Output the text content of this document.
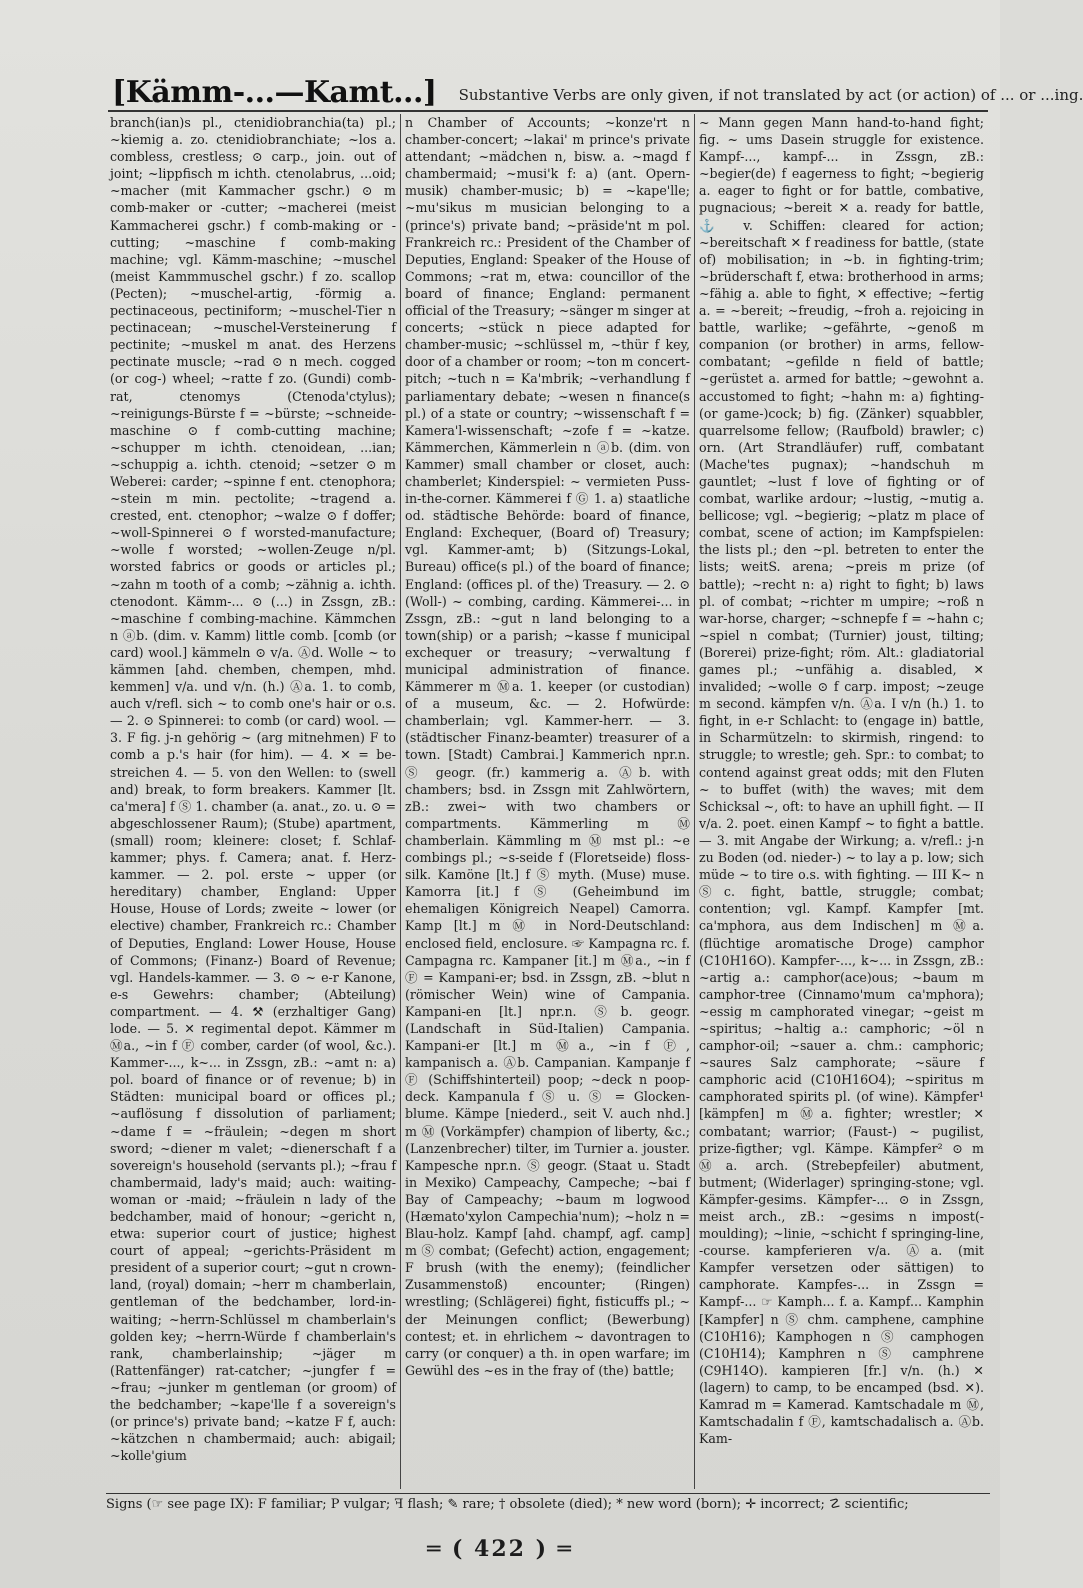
[Kämm-...—Kamt...] Substantive Verbs are only given, if not translated by act (or action) of ... or ...ing.

branch(ian)s pl., ctenidiobranchia(ta) pl.; ~kiemig a. zo. ctenidiobranchiate; ~los a. combless, crestless; ⊙ carp., join. out of joint; ~lippfisch m ichth. ctenolabrus, ...oid; ~macher (mit Kammacher gschr.) ⊙ m comb-maker or -cutter; ~macherei (meist Kammacherei gschr.) f comb-making or -cutting; ~maschine f comb-making machine; vgl. Kämm-maschine; ~muschel (meist Kammmuschel gschr.) f zo. scallop (Pecten); ~muschel-artig, -förmig a. pectinaceous, pectiniform; ~muschel-Tier n pectinacean; ~muschel-Versteinerung f pectinite; ~muskel m anat. des Herzens pectinate muscle; ~rad ⊙ n mech. cogged (or cog-) wheel; ~ratte f zo. (Gundi) comb-rat, ctenomys (Ctenoda'ctylus); ~reinigungs-Bürste f = ~bürste; ~schneide-maschine ⊙ f comb-cutting machine; ~schupper m ichth. ctenoidean, ...ian; ~schuppig a. ichth. ctenoid; ~setzer ⊙ m Weberei: carder; ~spinne f ent. ctenophora; ~stein m min. pectolite; ~tragend a. crested, ent. ctenophor; ~walze ⊙ f doffer; ~woll-Spinnerei ⊙ f worsted-manufacture; ~wolle f worsted; ~wollen-Zeuge n/pl. worsted fabrics or goods or articles pl.; ~zahn m tooth of a comb; ~zähnig a. ichth. ctenodont. Kämm-... ⊙ (...) in Zssgn, zB.: ~maschine f combing-machine. Kämmchen n ⓐb. (dim. v. Kamm) little comb. [comb (or card) wool.] kämmeln ⊙ v/a. Ⓐd. Wolle ~ to kämmen [ahd. chemben, chempen, mhd. kemmen] v/a. und v/n. (h.) Ⓐa. 1. to comb, auch v/refl. sich ~ to comb one's hair or o.s. — 2. ⊙ Spinnerei: to comb (or card) wool. — 3. F fig. j-n gehörig ~ (arg mitnehmen) F to comb a p.'s hair (for him). — 4. ✕ = be-streichen 4. — 5. von den Wellen: to (swell and) break, to form breakers. Kammer [lt. ca'mera] f Ⓢ 1. chamber (a. anat., zo. u. ⊙ = abgeschlossener Raum); (Stube) apartment, (small) room; kleinere: closet; f. Schlaf-kammer; phys. f. Camera; anat. f. Herz-kammer. — 2. pol. erste ~ upper (or hereditary) chamber, England: Upper House, House of Lords; zweite ~ lower (or elective) chamber, Frankreich rc.: Chamber of Deputies, England: Lower House, House of Commons; (Finanz-) Board of Revenue; vgl. Handels-kammer. — 3. ⊙ ~ e-r Kanone, e-s Gewehrs: chamber; (Abteilung) compartment. — 4. ⚒ (erzhaltiger Gang) lode. — 5. ✕ regimental depot. Kämmer m Ⓜa., ~in f Ⓕ comber, carder (of wool, &c.). Kammer-..., k~... in Zssgn, zB.: ~amt n: a) pol. board of finance or of revenue; b) in Städten: municipal board or offices pl.; ~auflösung f dissolution of parliament; ~dame f = ~fräulein; ~degen m short sword; ~diener m valet; ~dienerschaft f a sovereign's household (servants pl.); ~frau f chambermaid, lady's maid; auch: waiting-woman or -maid; ~fräulein n lady of the bedchamber, maid of honour; ~gericht n, etwa: superior court of justice; highest court of appeal; ~gerichts-Präsident m president of a superior court; ~gut n crown-land, (royal) domain; ~herr m chamberlain, gentleman of the bedchamber, lord-in-waiting; ~herrn-Schlüssel m chamberlain's golden key; ~herrn-Würde f chamberlain's rank, chamberlainship; ~jäger m (Rattenfänger) rat-catcher; ~jungfer f = ~frau; ~junker m gentleman (or groom) of the bedchamber; ~kape'lle f a sovereign's (or prince's) private band; ~katze F f, auch: ~kätzchen n chambermaid; auch: abigail; ~kolle'gium

n Chamber of Accounts; ~konze'rt n chamber-concert; ~lakai' m prince's private attendant; ~mädchen n, bisw. a. ~magd f chambermaid; ~musi'k f: a) (ant. Opern-musik) chamber-music; b) = ~kape'lle; ~mu'sikus m musician belonging to a (prince's) private band; ~präside'nt m pol. Frankreich rc.: President of the Chamber of Deputies, England: Speaker of the House of Commons; ~rat m, etwa: councillor of the board of finance; England: permanent official of the Treasury; ~sänger m singer at concerts; ~stück n piece adapted for chamber-music; ~schlüssel m, ~thür f key, door of a chamber or room; ~ton m concert-pitch; ~tuch n = Ka'mbrik; ~verhandlung f parliamentary debate; ~wesen n finance(s pl.) of a state or country; ~wissenschaft f = Kamera'l-wissenschaft; ~zofe f = ~katze. Kämmerchen, Kämmerlein n ⓐb. (dim. von Kammer) small chamber or closet, auch: chamberlet; Kinderspiel: ~ vermieten Puss-in-the-corner. Kämmerei f Ⓖ 1. a) staatliche od. städtische Behörde: board of finance, England: Exchequer, (Board of) Treasury; vgl. Kammer-amt; b) (Sitzungs-Lokal, Bureau) office(s pl.) of the board of finance; England: (offices pl. of the) Treasury. — 2. ⊙ (Woll-) ~ combing, carding. Kämmerei-... in Zssgn, zB.: ~gut n land belonging to a town(ship) or a parish; ~kasse f municipal exchequer or treasury; ~verwaltung f municipal administration of finance. Kämmerer m Ⓜa. 1. keeper (or custodian) of a museum, &c. — 2. Hofwürde: chamberlain; vgl. Kammer-herr. — 3. (städtischer Finanz-beamter) treasurer of a town. [Stadt) Cambrai.] Kammerich npr.n. Ⓢ geogr. (fr.) kammerig a. Ⓐb. with chambers; bsd. in Zssgn mit Zahlwörtern, zB.: zwei~ with two chambers or compartments. Kämmerling m Ⓜ chamberlain. Kämmling m Ⓜ mst pl.: ~e combings pl.; ~s-seide f (Floretseide) floss-silk. Kamöne [lt.] f Ⓢ myth. (Muse) muse. Kamorra [it.] f Ⓢ (Geheimbund im ehemaligen Königreich Neapel) Camorra. Kamp [lt.] m Ⓜ in Nord-Deutschland: enclosed field, enclosure. ☞ Kampagna rc. f. Campagna rc. Kampaner [it.] m Ⓜa., ~in f Ⓕ = Kampani-er; bsd. in Zssgn, zB. ~blut n (römischer Wein) wine of Campania. Kampani-en [lt.] npr.n. Ⓢb. geogr. (Landschaft in Süd-Italien) Campania. Kampani-er [lt.] m Ⓜa., ~in f Ⓕ, kampanisch a. Ⓐb. Campanian. Kampanje f Ⓕ (Schiffshinterteil) poop; ~deck n poop-deck. Kampanula f Ⓢ u. Ⓢ = Glocken-blume. Kämpe [niederd., seit V. auch nhd.] m Ⓜ (Vorkämpfer) champion of liberty, &c.; (Lanzenbrecher) tilter, im Turnier a. jouster. Kampesche npr.n. Ⓢ geogr. (Staat u. Stadt in Mexiko) Campeachy, Campeche; ~bai f Bay of Campeachy; ~baum m logwood (Hæmato'xylon Campechia'num); ~holz n = Blau-holz. Kampf [ahd. champf, agf. camp] m Ⓢ combat; (Gefecht) action, engagement; F brush (with the enemy); (feindlicher Zusammenstoß) encounter; (Ringen) wrestling; (Schlägerei) fight, fisticuffs pl.; ~ der Meinungen conflict; (Bewerbung) contest; et. in ehrlichem ~ davontragen to carry (or conquer) a th. in open warfare; im Gewühl des ~es in the fray of (the) battle;

~ Mann gegen Mann hand-to-hand fight; fig. ~ ums Dasein struggle for existence. Kampf-..., kampf-... in Zssgn, zB.: ~begier(de) f eagerness to fight; ~begierig a. eager to fight or for battle, combative, pugnacious; ~bereit ✕ a. ready for battle, ⚓ v. Schiffen: cleared for action; ~bereitschaft ✕ f readiness for battle, (state of) mobilisation; in ~b. in fighting-trim; ~brüderschaft f, etwa: brotherhood in arms; ~fähig a. able to fight, ✕ effective; ~fertig a. = ~bereit; ~freudig, ~froh a. rejoicing in battle, warlike; ~gefährte, ~genoß m companion (or brother) in arms, fellow-combatant; ~gefilde n field of battle; ~gerüstet a. armed for battle; ~gewohnt a. accustomed to fight; ~hahn m: a) fighting- (or game-)cock; b) fig. (Zänker) squabbler, quarrelsome fellow; (Raufbold) brawler; c) orn. (Art Strandläufer) ruff, combatant (Mache'tes pugnax); ~handschuh m gauntlet; ~lust f love of fighting or of combat, warlike ardour; ~lustig, ~mutig a. bellicose; vgl. ~begierig; ~platz m place of combat, scene of action; im Kampfspielen: the lists pl.; den ~pl. betreten to enter the lists; weitS. arena; ~preis m prize (of battle); ~recht n: a) right to fight; b) laws pl. of combat; ~richter m umpire; ~roß n war-horse, charger; ~schnepfe f = ~hahn c; ~spiel n combat; (Turnier) joust, tilting; (Borerei) prize-fight; röm. Alt.: gladiatorial games pl.; ~unfähig a. disabled, ✕ invalided; ~wolle ⊙ f carp. impost; ~zeuge m second. kämpfen v/n. Ⓐa. I v/n (h.) 1. to fight, in e-r Schlacht: to (engage in) battle, in Scharmützeln: to skirmish, ringend: to struggle; to wrestle; geh. Spr.: to combat; to contend against great odds; mit den Fluten ~ to buffet (with) the waves; mit dem Schicksal ~, oft: to have an uphill fight. — II v/a. 2. poet. einen Kampf ~ to fight a battle. — 3. mit Angabe der Wirkung; a. v/refl.: j-n zu Boden (od. nieder-) ~ to lay a p. low; sich müde ~ to tire o.s. with fighting. — III K~ n Ⓢc. fight, battle, struggle; combat; contention; vgl. Kampf. Kampfer [mt. ca'mphora, aus dem Indischen] m Ⓜa. (flüchtige aromatische Droge) camphor (C10H16O). Kampfer-..., k~... in Zssgn, zB.: ~artig a.: camphor(ace)ous; ~baum m camphor-tree (Cinnamo'mum ca'mphora); ~essig m camphorated vinegar; ~geist m ~spiritus; ~haltig a.: camphoric; ~öl n camphor-oil; ~sauer a. chm.: camphoric; ~saures Salz camphorate; ~säure f camphoric acid (C10H16O4); ~spiritus m camphorated spirits pl. (of wine). Kämpfer¹ [kämpfen] m Ⓜa. fighter; wrestler; ✕ combatant; warrior; (Faust-) ~ pugilist, prize-figther; vgl. Kämpe. Kämpfer² ⊙ m Ⓜa. arch. (Strebepfeiler) abutment, butment; (Widerlager) springing-stone; vgl. Kämpfer-gesims. Kämpfer-... ⊙ in Zssgn, meist arch., zB.: ~gesims n impost(-moulding); ~linie, ~schicht f springing-line, -course. kampferieren v/a. Ⓐa. (mit Kampfer versetzen oder sättigen) to camphorate. Kampfes-... in Zssgn = Kampf-... ☞ Kamph... f. a. Kampf... Kamphin [Kampfer] n Ⓢ chm. camphene, camphine (C10H16); Kamphogen n Ⓢ camphogen (C10H14); Kamphren n Ⓢ camphrene (C9H14O). kampieren [fr.] v/n. (h.) ✕ (lagern) to camp, to be encamped (bsd. ✕). Kamrad m = Kamerad. Kamtschadale m Ⓜ, Kamtschadalin f Ⓕ, kamtschadalisch a. Ⓐb. Kam-

Signs (☞ see page IX): F familiar; P vulgar; ꟻ flash; ✎ rare; † obsolete (died); * new word (born); ✛ incorrect; ☡ scientific;
═ ( 422 ) ═
